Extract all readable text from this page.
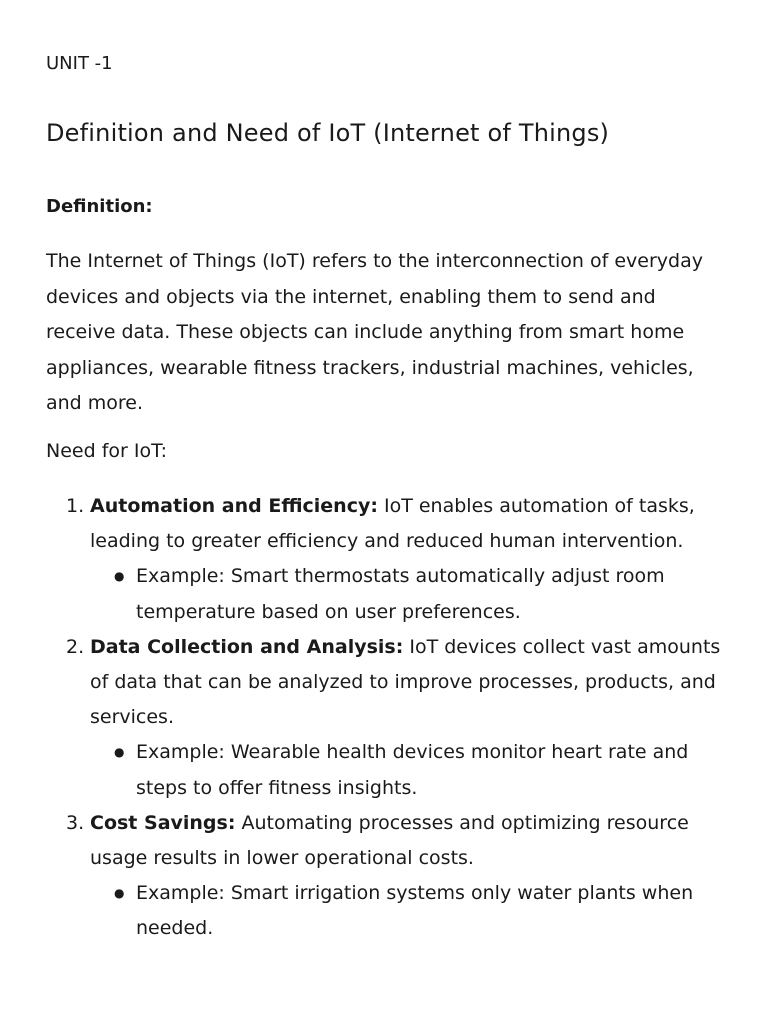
UNIT -1

Definition and Need of IoT (Internet of Things)
Definition:

The Internet of Things (IoT) refers to the interconnection of everyday devices and objects via the internet, enabling them to send and receive data. These objects can include anything from smart home appliances, wearable fitness trackers, industrial machines, vehicles, and more.

Need for IoT:
1. Automation and Efficiency: IoT enables automation of tasks, leading to greater efficiency and reduced human intervention.
● Example: Smart thermostats automatically adjust room temperature based on user preferences.
2. Data Collection and Analysis: IoT devices collect vast amounts of data that can be analyzed to improve processes, products, and services.
● Example: Wearable health devices monitor heart rate and steps to offer fitness insights.
3. Cost Savings: Automating processes and optimizing resource usage results in lower operational costs.
● Example: Smart irrigation systems only water plants when needed.
